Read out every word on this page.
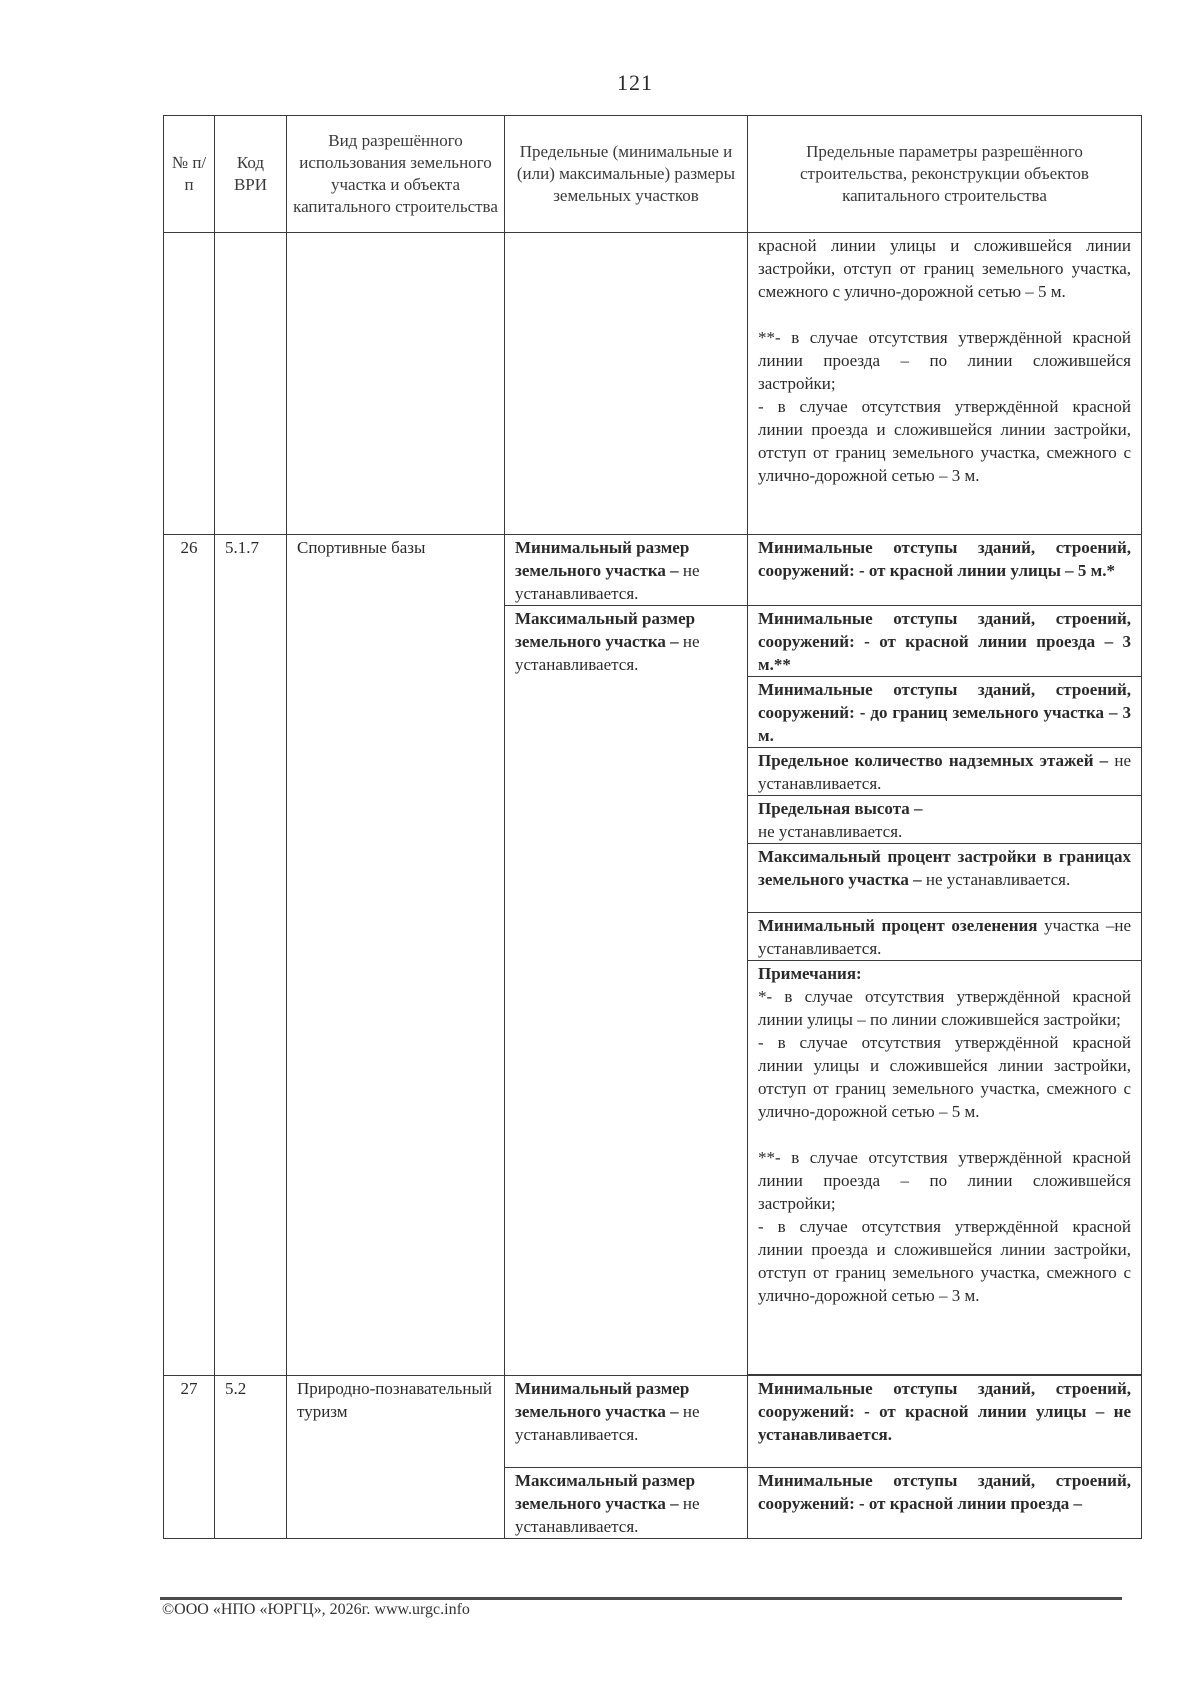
121
№ п/п	Код ВРИ	Вид разрешённого использования земельного участка и объекта капитального строительства	Предельные (минимальные и (или) максимальные) размеры земельных участков	Предельные параметры разрешённого строительства, реконструкции объектов капитального строительства

				красной линии улицы и сложившейся линии застройки, отступ от границ земельного участка, смежного с улично-дорожной сетью – 5 м.
**- в случае отсутствия утверждённой красной линии проезда – по линии сложившейся застройки;
- в случае отсутствия утверждённой красной линии проезда и сложившейся линии застройки, отступ от границ земельного участка, смежного с улично-дорожной сетью – 3 м.

26	5.1.7	Спортивные базы	Минимальный размер земельного участка – не устанавливается.	Минимальные отступы зданий, строений, сооружений: - от красной линии улицы – 5 м.*
			Максимальный размер земельного участка – не устанавливается.	Минимальные отступы зданий, строений, сооружений: - от красной линии проезда – 3 м.**
				Минимальные отступы зданий, строений, сооружений: - до границ земельного участка – 3 м.
				Предельное количество надземных этажей – не устанавливается.
				Предельная высота –
не устанавливается.
				Максимальный процент застройки в границах земельного участка – не устанавливается.
				Минимальный процент озеленения участка –не устанавливается.

				Примечания:
*- в случае отсутствия утверждённой красной линии улицы – по линии сложившейся застройки;
- в случае отсутствия утверждённой красной линии улицы и сложившейся линии застройки, отступ от границ земельного участка, смежного с улично-дорожной сетью – 5 м.
**- в случае отсутствия утверждённой красной линии проезда – по линии сложившейся застройки;
- в случае отсутствия утверждённой красной линии проезда и сложившейся линии застройки, отступ от границ земельного участка, смежного с улично-дорожной сетью – 3 м.

27	5.2	Природно-познавательный туризм	Минимальный размер земельного участка – не устанавливается.	Минимальные отступы зданий, строений, сооружений: - от красной линии улицы – не устанавливается.
			Максимальный размер земельного участка – не устанавливается.	Минимальные отступы зданий, строений, сооружений: - от красной линии проезда –
©ООО «НПО «ЮРГЦ», 2026г. www.urgc.info
